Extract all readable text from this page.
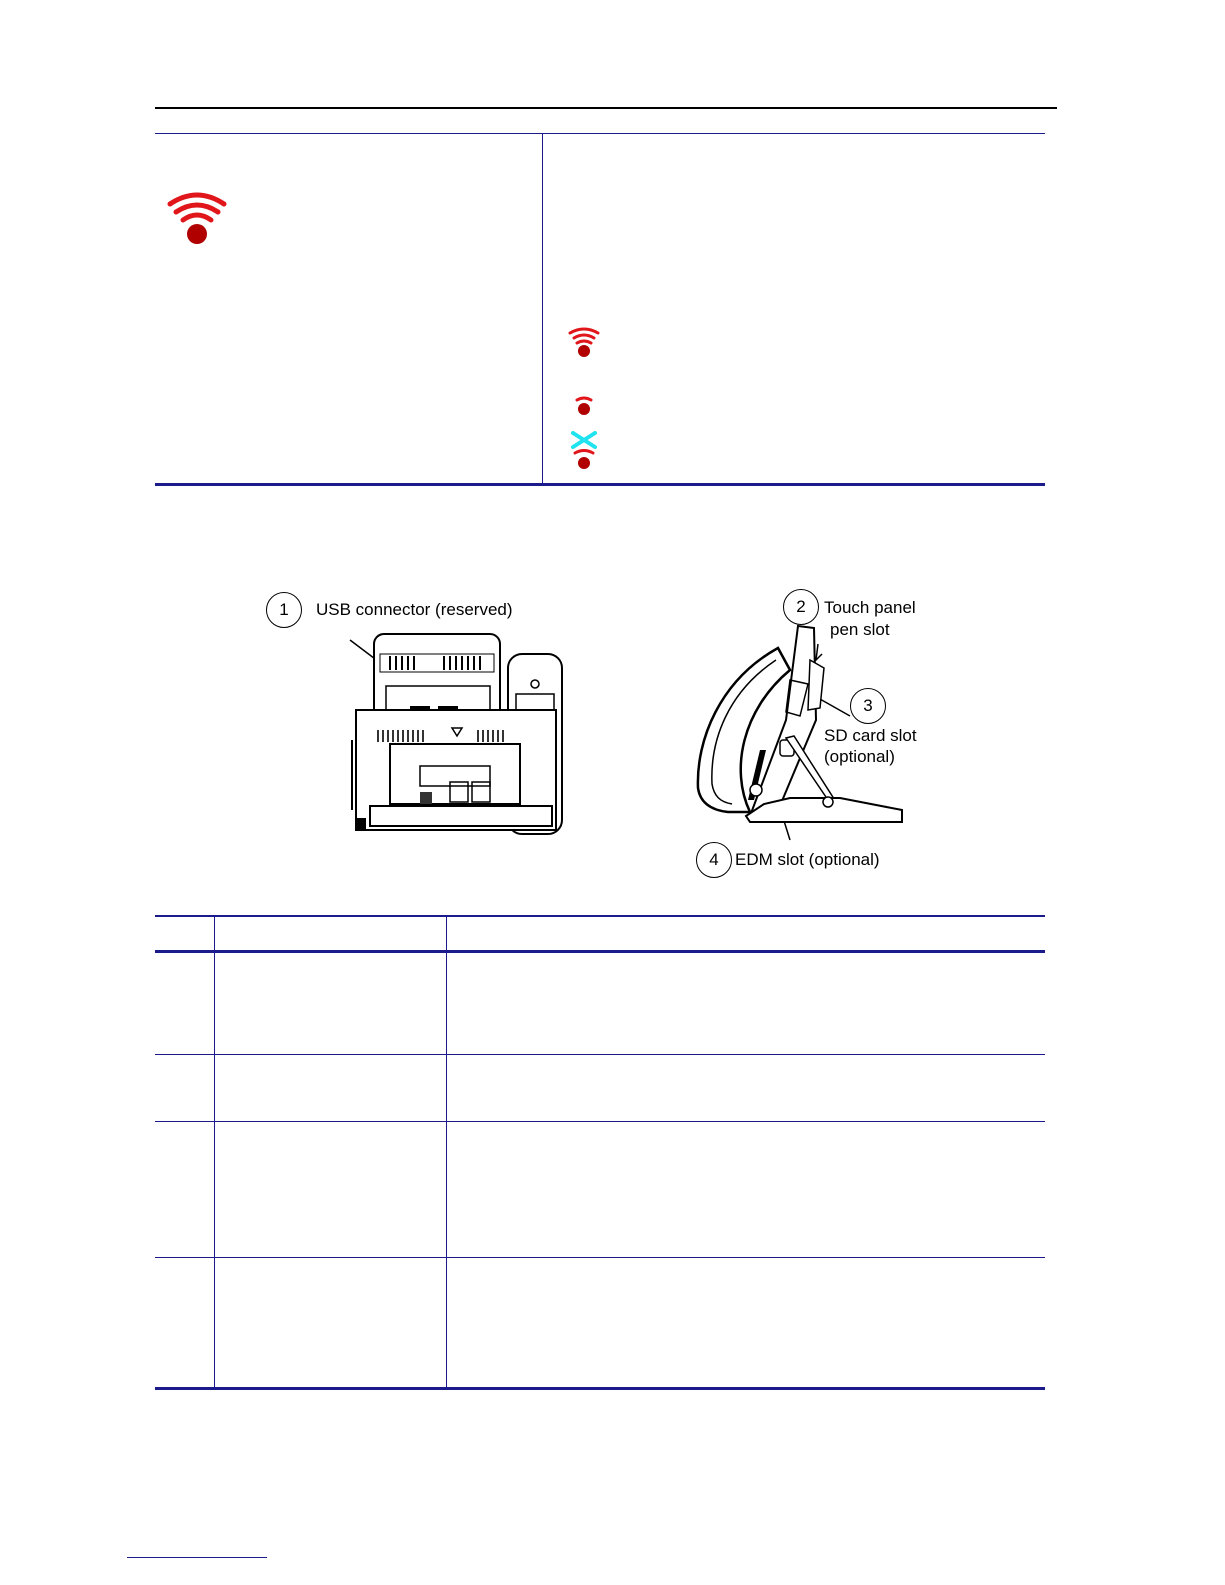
1	USB connector (reserved)	2	Touch panel
pen slot
3
SD card slot
(optional)
4 EDM slot (optional)
